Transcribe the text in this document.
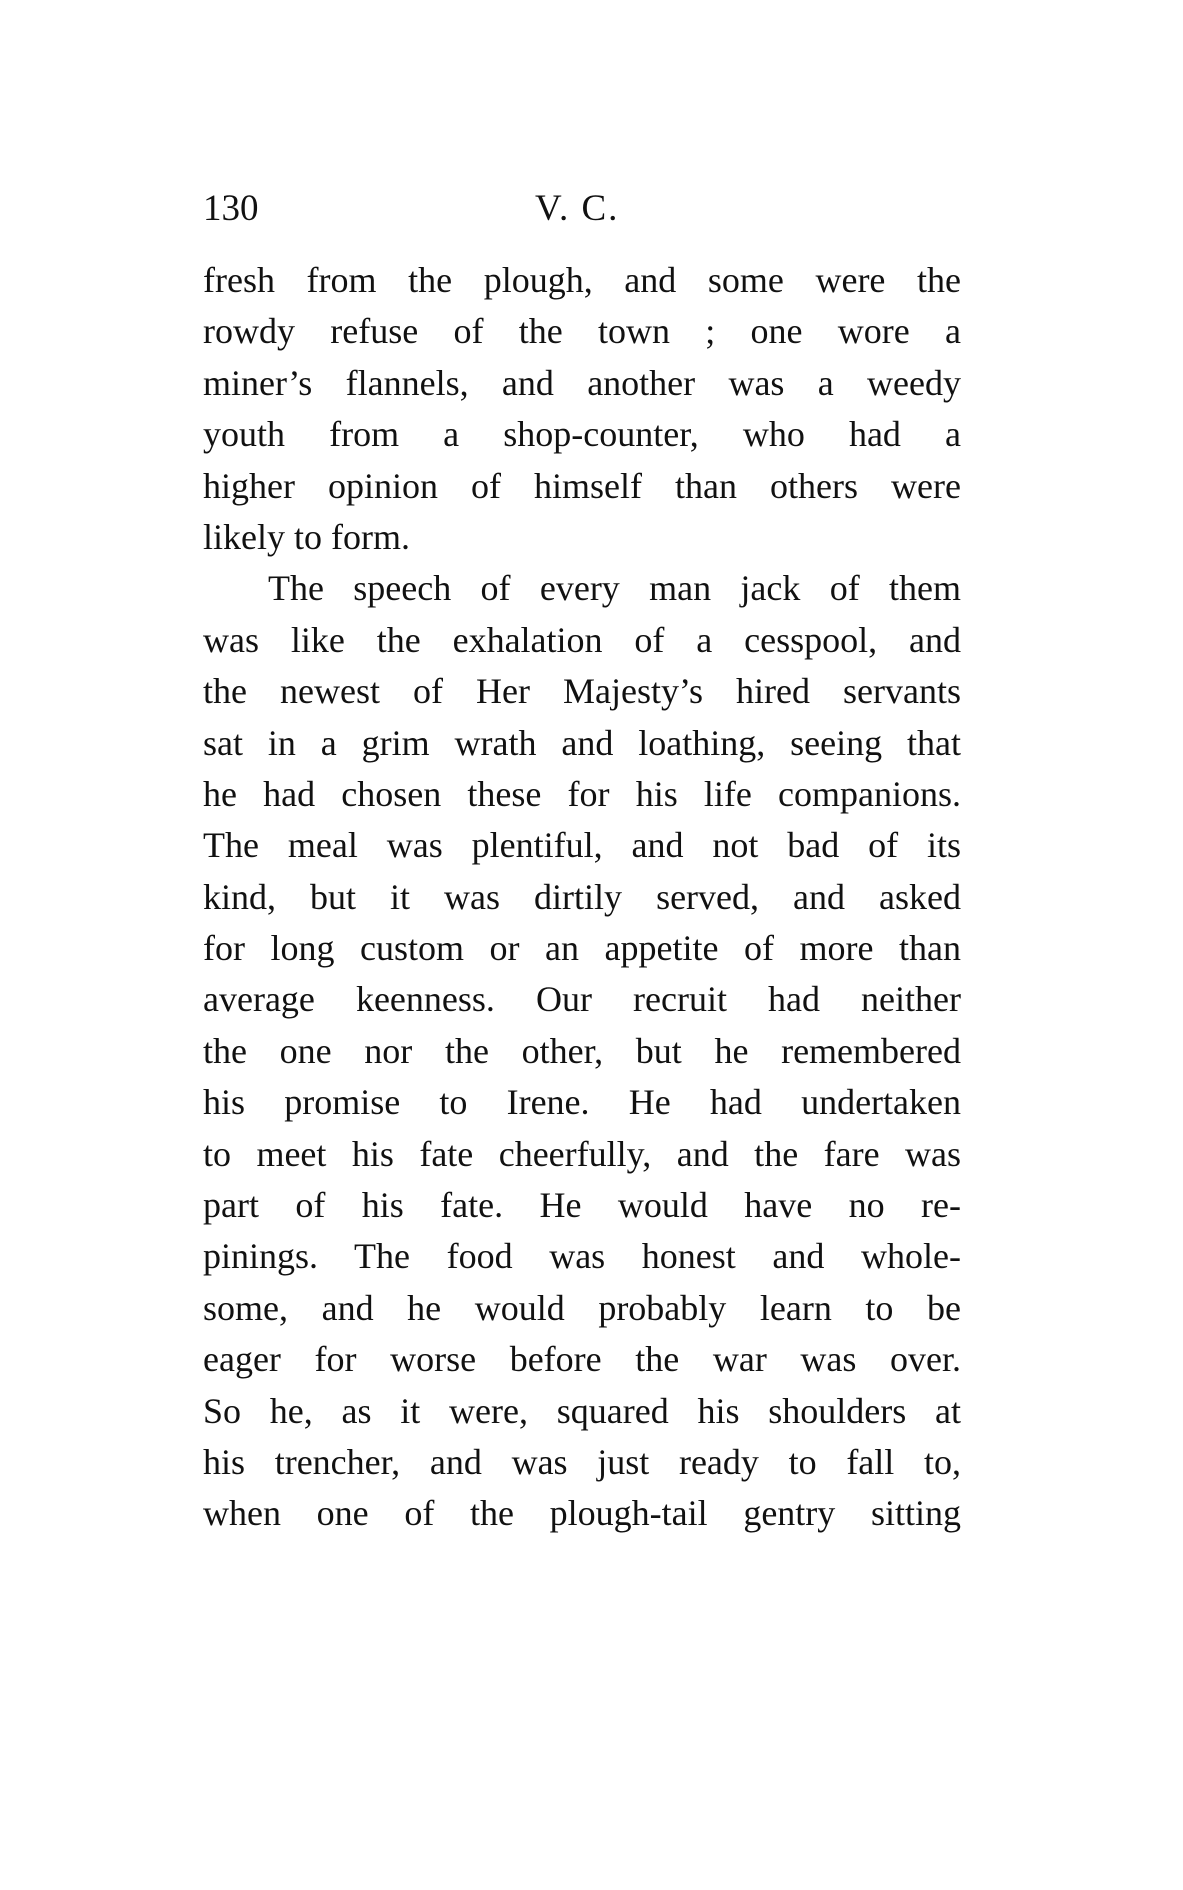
130	V. C.
fresh from the plough, and some were the
rowdy refuse of the town ; one wore a
miner’s flannels, and another was a weedy
youth from a shop-counter, who had a
higher opinion of himself than others were
likely to form.
The speech of every man jack of them
was like the exhalation of a cesspool, and
the newest of Her Majesty’s hired servants
sat in a grim wrath and loathing, seeing that
he had chosen these for his life companions.
The meal was plentiful, and not bad of its
kind, but it was dirtily served, and asked
for long custom or an appetite of more than
average keenness. Our recruit had neither
the one nor the other, but he remembered
his promise to Irene. He had undertaken
to meet his fate cheerfully, and the fare was
part of his fate. He would have no re-
pinings. The food was honest and whole-
some, and he would probably learn to be
eager for worse before the war was over.
So he, as it were, squared his shoulders at
his trencher, and was just ready to fall to,
when one of the plough-tail gentry sitting
